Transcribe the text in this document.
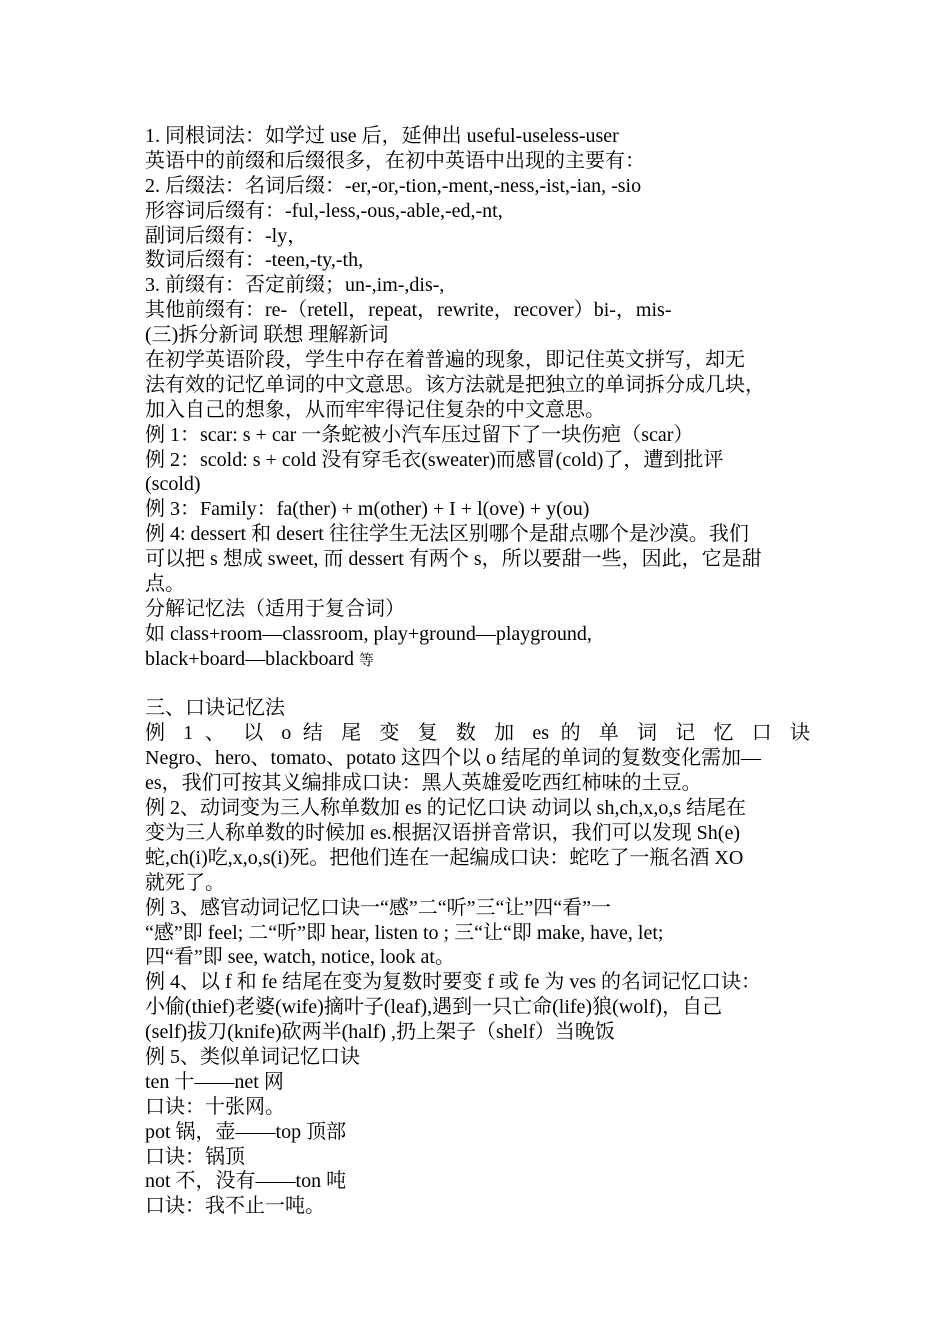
1. 同根词法：如学过 use 后，延伸出 useful-useless-user
英语中的前缀和后缀很多，在初中英语中出现的主要有：
2. 后缀法：名词后缀：-er,-or,-tion,-ment,-ness,-ist,-ian, -sio
形容词后缀有：-ful,-less,-ous,-able,-ed,-nt,
副词后缀有：-ly，
数词后缀有：-teen,-ty,-th,
3. 前缀有：否定前缀；un-,im-,dis-,
其他前缀有：re-（retell，repeat，rewrite，recover）bi-，mis-
(三)拆分新词 联想 理解新词
在初学英语阶段，学生中存在着普遍的现象，即记住英文拼写，却无
法有效的记忆单词的中文意思。该方法就是把独立的单词拆分成几块，
加入自己的想象，从而牢牢得记住复杂的中文意思。
例 1：scar: s + car 一条蛇被小汽车压过留下了一块伤疤（scar）
例 2：scold: s + cold 没有穿毛衣(sweater)而感冒(cold)了，遭到批评
(scold)
例 3：Family：fa(ther) + m(other) + I + l(ove) + y(ou)
例 4: dessert 和 desert 往往学生无法区别哪个是甜点哪个是沙漠。我们
可以把 s 想成 sweet, 而 dessert 有两个 s，所以要甜一些，因此，它是甜
点。
分解记忆法（适用于复合词）
如 class+room—classroom, play+ground—playground,
black+board—blackboard 等
三、口诀记忆法
例 1 、 以 o 结 尾 变 复 数 加 es 的 单 词 记 忆 口 诀
Negro、hero、tomato、potato 这四个以 o 结尾的单词的复数变化需加—
es，我们可按其义编排成口诀：黑人英雄爱吃西红柿味的土豆。
例 2、动词变为三人称单数加 es 的记忆口诀 动词以 sh,ch,x,o,s 结尾在
变为三人称单数的时候加 es.根据汉语拼音常识，我们可以发现 Sh(e)
蛇,ch(i)吃,x,o,s(i)死。把他们连在一起编成口诀：蛇吃了一瓶名酒 XO
就死了。
例 3、感官动词记忆口诀一“感”二“听”三“让”四“看”一
“感”即 feel; 二“听”即 hear, listen to ; 三“让“即 make, have, let;
四“看”即 see, watch, notice, look at。
例 4、以 f 和 fe 结尾在变为复数时要变 f 或 fe 为 ves 的名词记忆口诀：
小偷(thief)老婆(wife)摘叶子(leaf),遇到一只亡命(life)狼(wolf)，自己
(self)拔刀(knife)砍两半(half) ,扔上架子（shelf）当晚饭
例 5、类似单词记忆口诀
ten 十——net 网
口诀：十张网。
pot 锅，壶——top 顶部
口诀：锅顶
not 不，没有——ton 吨
口诀：我不止一吨。
